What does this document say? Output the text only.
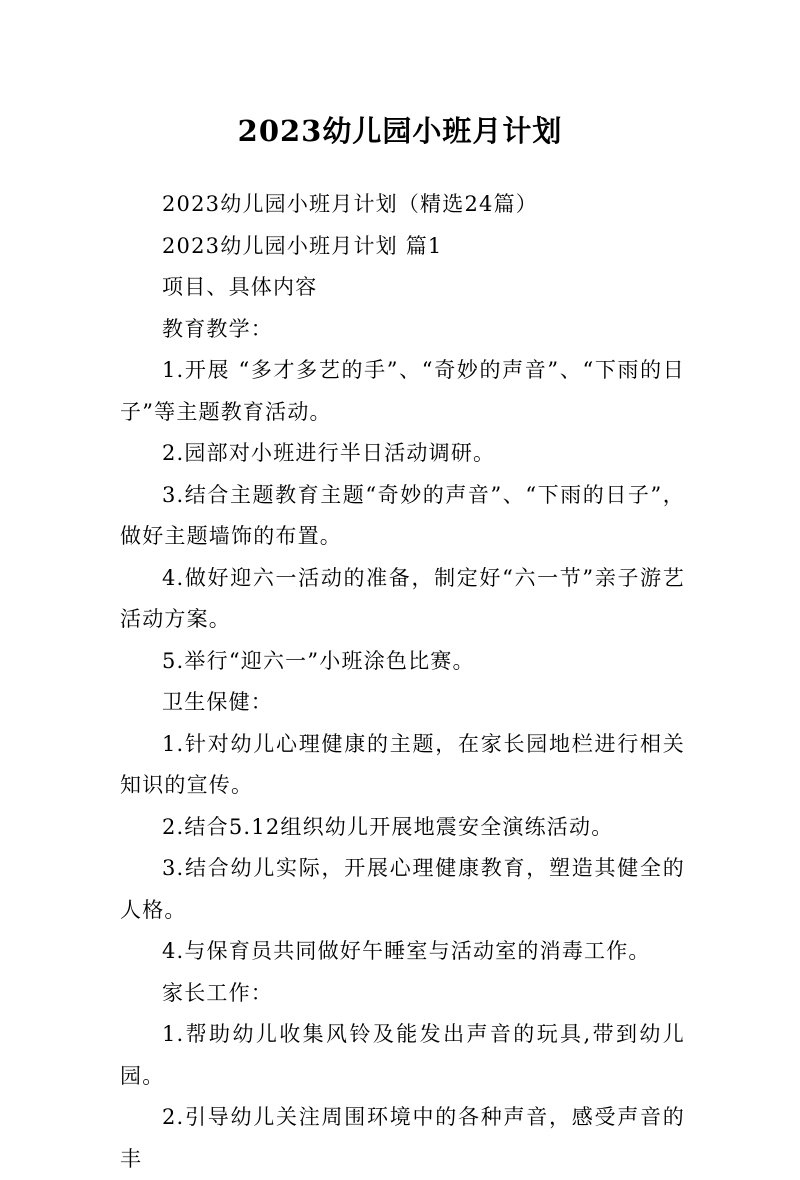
2023幼儿园小班月计划

2023幼儿园小班月计划（精选24篇）

2023幼儿园小班月计划 篇1

项目、具体内容

教育教学：

1.开展 “多才多艺的手”、“奇妙的声音”、“下雨的日子”等主题教育活动。

2.园部对小班进行半日活动调研。

3.结合主题教育主题“奇妙的声音”、“下雨的日子”，做好主题墙饰的布置。

4.做好迎六一活动的准备，制定好“六一节”亲子游艺活动方案。

5.举行“迎六一”小班涂色比赛。

卫生保健：

1.针对幼儿心理健康的主题，在家长园地栏进行相关知识的宣传。

2.结合5.12组织幼儿开展地震安全演练活动。

3.结合幼儿实际，开展心理健康教育，塑造其健全的人格。

4.与保育员共同做好午睡室与活动室的消毒工作。

家长工作：

1.帮助幼儿收集风铃及能发出声音的玩具,带到幼儿园。

2.引导幼儿关注周围环境中的各种声音，感受声音的丰
